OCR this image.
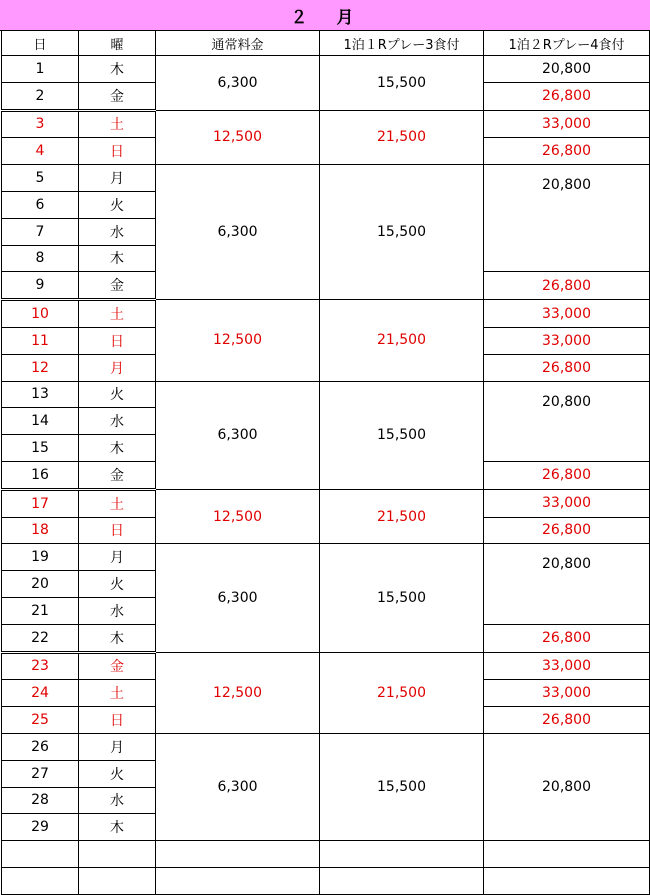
２　月
日	曜	通常料金	1泊１Rプレー3食付	1泊２Rプレー4食付
1	木	6,300	15,500	20,800
2	金			26,800
3	土	12,500	21,500	33,000
4	日			26,800
5	月	6,300	15,500	20,800
6	火			
7	水			
8	木			
9	金			26,800
10	土	12,500	21,500	33,000
11	日			33,000
12	月			26,800
13	火	6,300	15,500	20,800
14	水			
15	木			
16	金			26,800
17	土	12,500	21,500	33,000
18	日			26,800
19	月	6,300	15,500	20,800
20	火			
21	水			
22	木			26,800
23	金	12,500	21,500	33,000
24	土			33,000
25	日			26,800
26	月	6,300	15,500	20,800
27	火			
28	水			
29	木			
